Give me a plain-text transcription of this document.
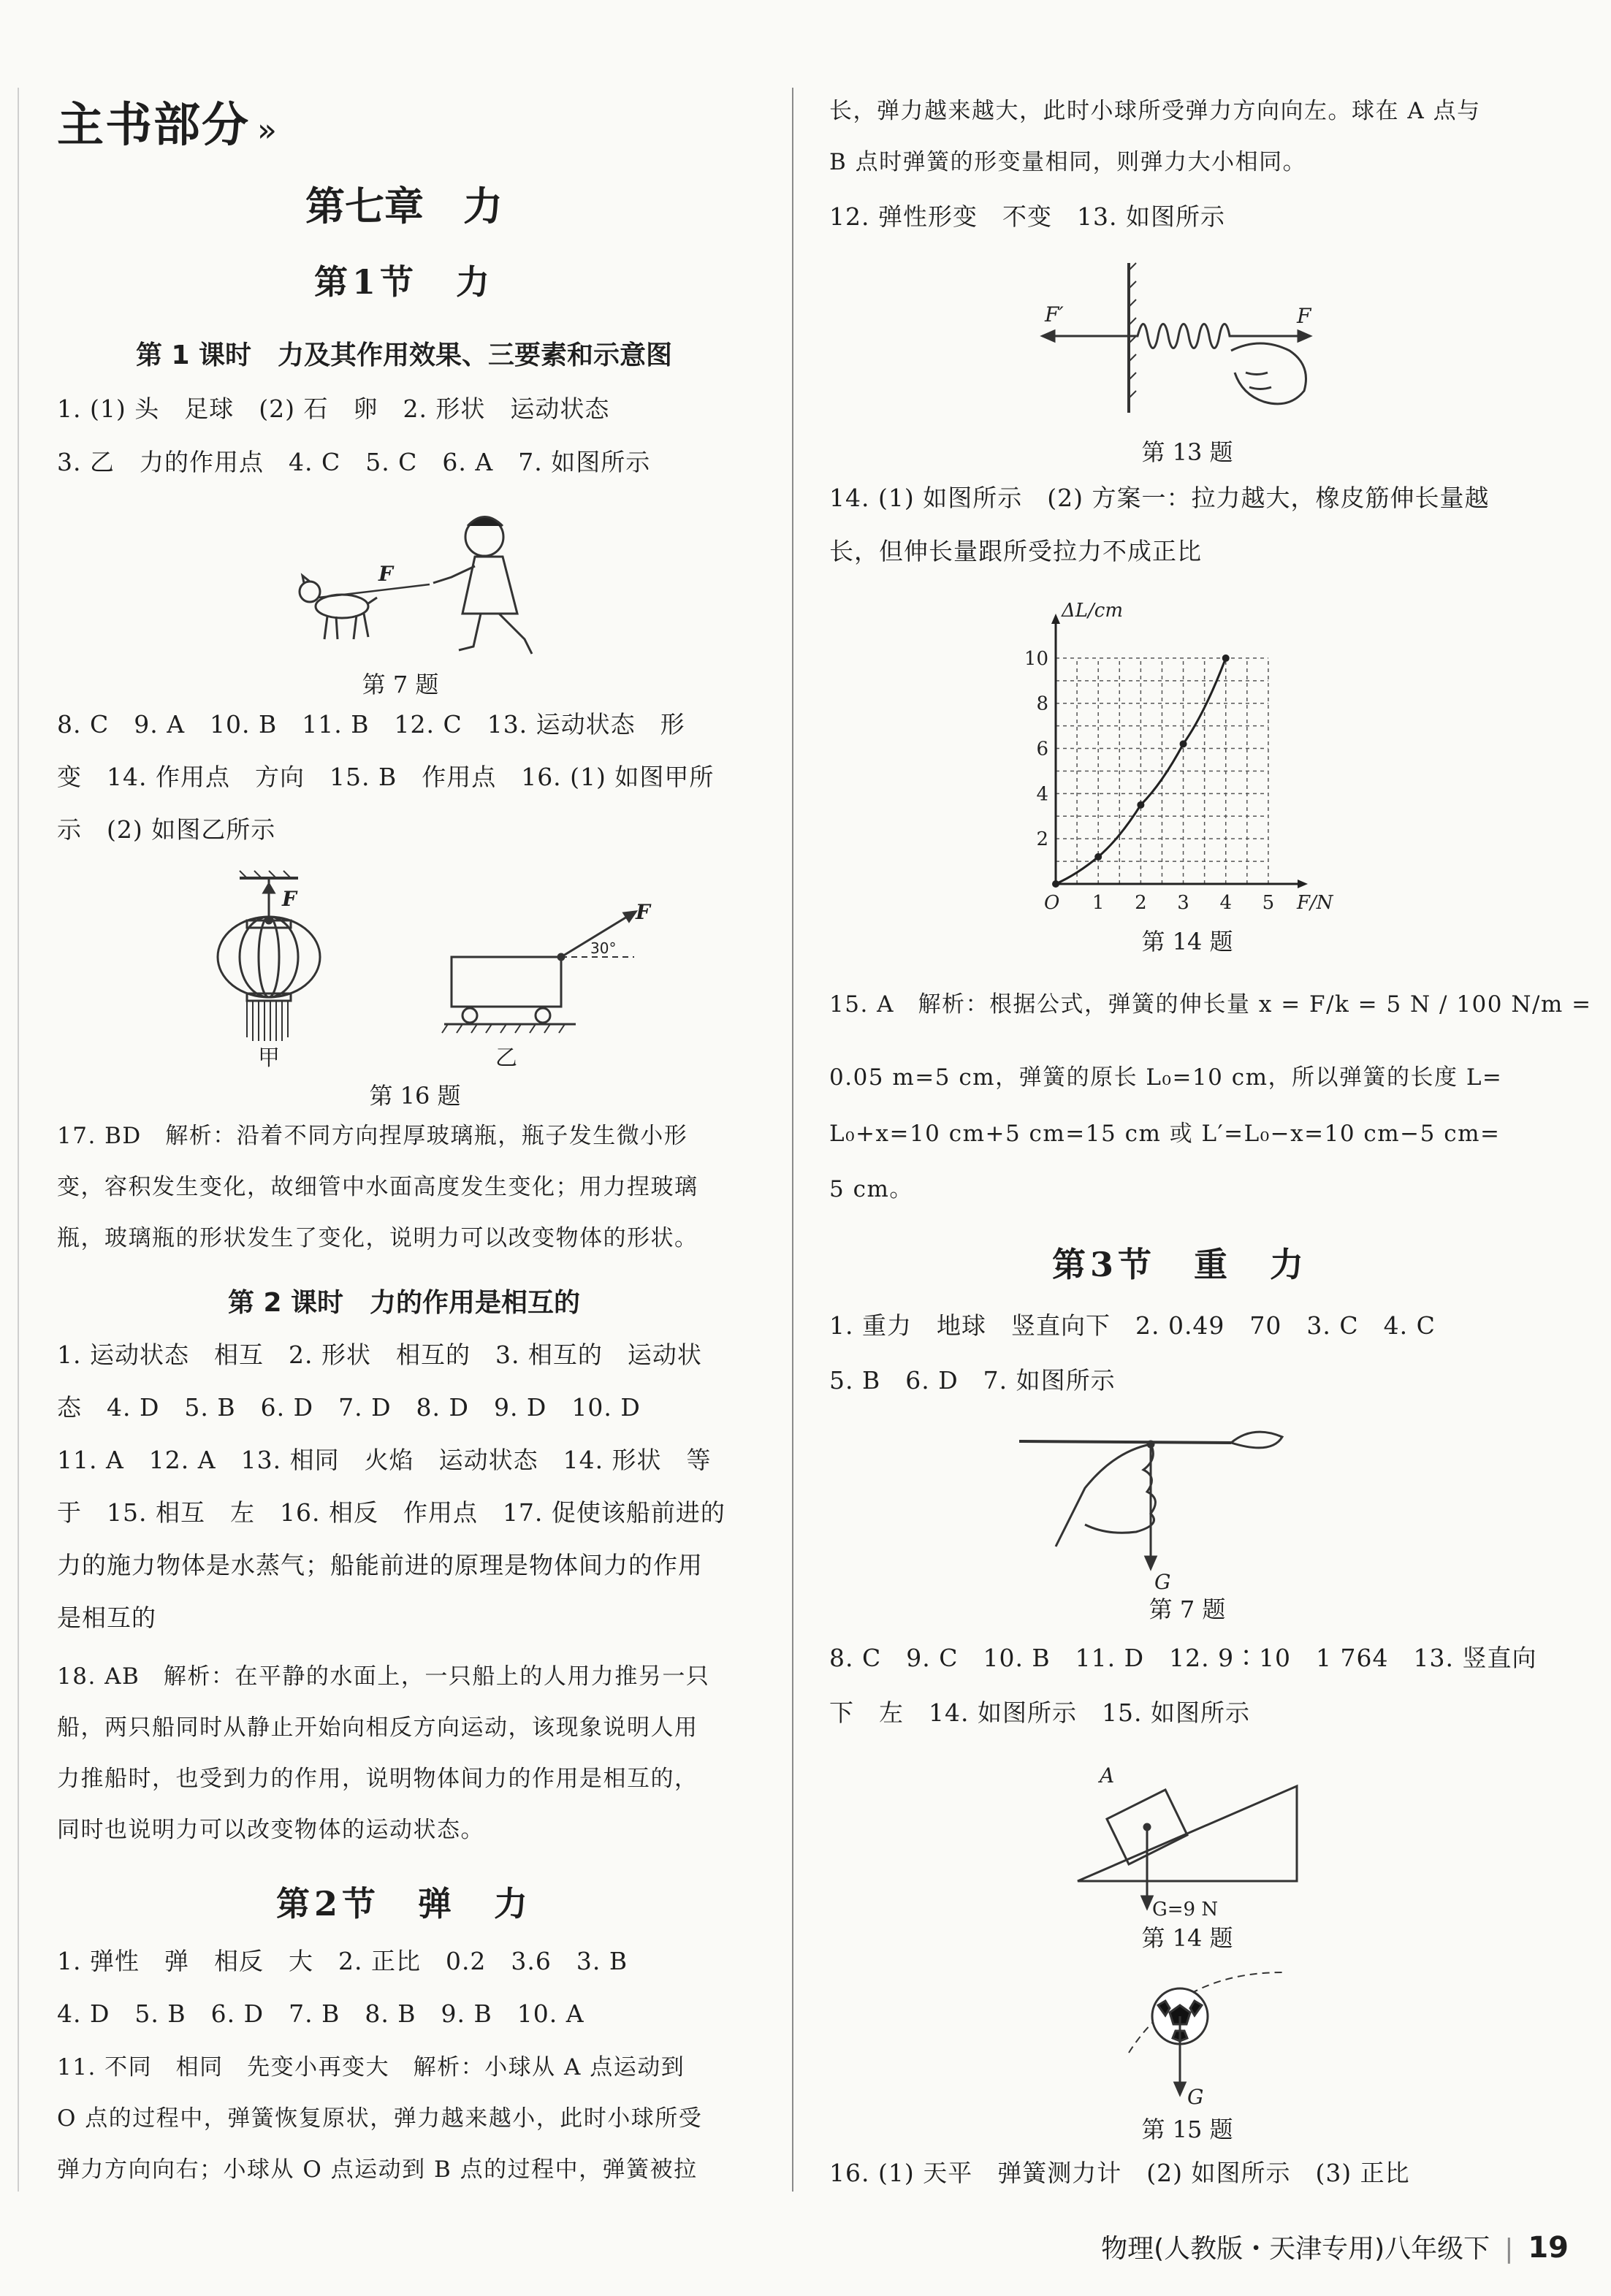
主书部分 »
第七章　力
第1节　力
第 1 课时　力及其作用效果、三要素和示意图
1. (1) 头　足球　(2) 石　卵　2. 形状　运动状态
3. 乙　力的作用点　4. C　5. C　6. A　7. 如图所示
F
第 7 题
8. C　9. A　10. B　11. B　12. C　13. 运动状态　形
变　14. 作用点　方向　15. B　作用点　16. (1) 如图甲所
示　(2) 如图乙所示
F
F
30°
甲	乙
第 16 题
17. BD　解析：沿着不同方向捏厚玻璃瓶，瓶子发生微小形
变，容积发生变化，故细管中水面高度发生变化；用力捏玻璃
瓶，玻璃瓶的形状发生了变化，说明力可以改变物体的形状。
第 2 课时　力的作用是相互的
1. 运动状态　相互　2. 形状　相互的　3. 相互的　运动状
态　4. D　5. B　6. D　7. D　8. D　9. D　10. D
11. A　12. A　13. 相同　火焰　运动状态　14. 形状　等
于　15. 相互　左　16. 相反　作用点　17. 促使该船前进的
力的施力物体是水蒸气；船能前进的原理是物体间力的作用
是相互的
18. AB　解析：在平静的水面上，一只船上的人用力推另一只
船，两只船同时从静止开始向相反方向运动，该现象说明人用
力推船时，也受到力的作用，说明物体间力的作用是相互的，
同时也说明力可以改变物体的运动状态。
第2节　弹　力
1. 弹性　弹　相反　大　2. 正比　0.2　3.6　3. B
4. D　5. B　6. D　7. B　8. B　9. B　10. A
11. 不同　相同　先变小再变大　解析：小球从 A 点运动到
O 点的过程中，弹簧恢复原状，弹力越来越小，此时小球所受
弹力方向向右；小球从 O 点运动到 B 点的过程中，弹簧被拉
长，弹力越来越大，此时小球所受弹力方向向左。球在 A 点与
B 点时弹簧的形变量相同，则弹力大小相同。
12. 弹性形变　不变　13. 如图所示
F′	F
第 13 题
14. (1) 如图所示　(2) 方案一：拉力越大，橡皮筋伸长量越
长，但伸长量跟所受拉力不成正比
1 2 3 4 5
2
4
6
8
10
O	F/N
ΔL/cm
第 14 题
15. A　解析：根据公式，弹簧的伸长量 x = F/k = 5 N / 100 N/m =
0.05 m=5 cm，弹簧的原长 L₀=10 cm，所以弹簧的长度 L=
L₀+x=10 cm+5 cm=15 cm 或 L′=L₀−x=10 cm−5 cm=
5 cm。
第3节　重　力
1. 重力　地球　竖直向下　2. 0.49　70　3. C　4. C
5. B　6. D　7. 如图所示
G
第 7 题
8. C　9. C　10. B　11. D　12. 9∶10　1 764　13. 竖直向
下　左　14. 如图所示　15. 如图所示
A
G=9 N
第 14 题
G
第 15 题
16. (1) 天平　弹簧测力计　(2) 如图所示　(3) 正比
物理(人教版・天津专用)八年级下 | 19
